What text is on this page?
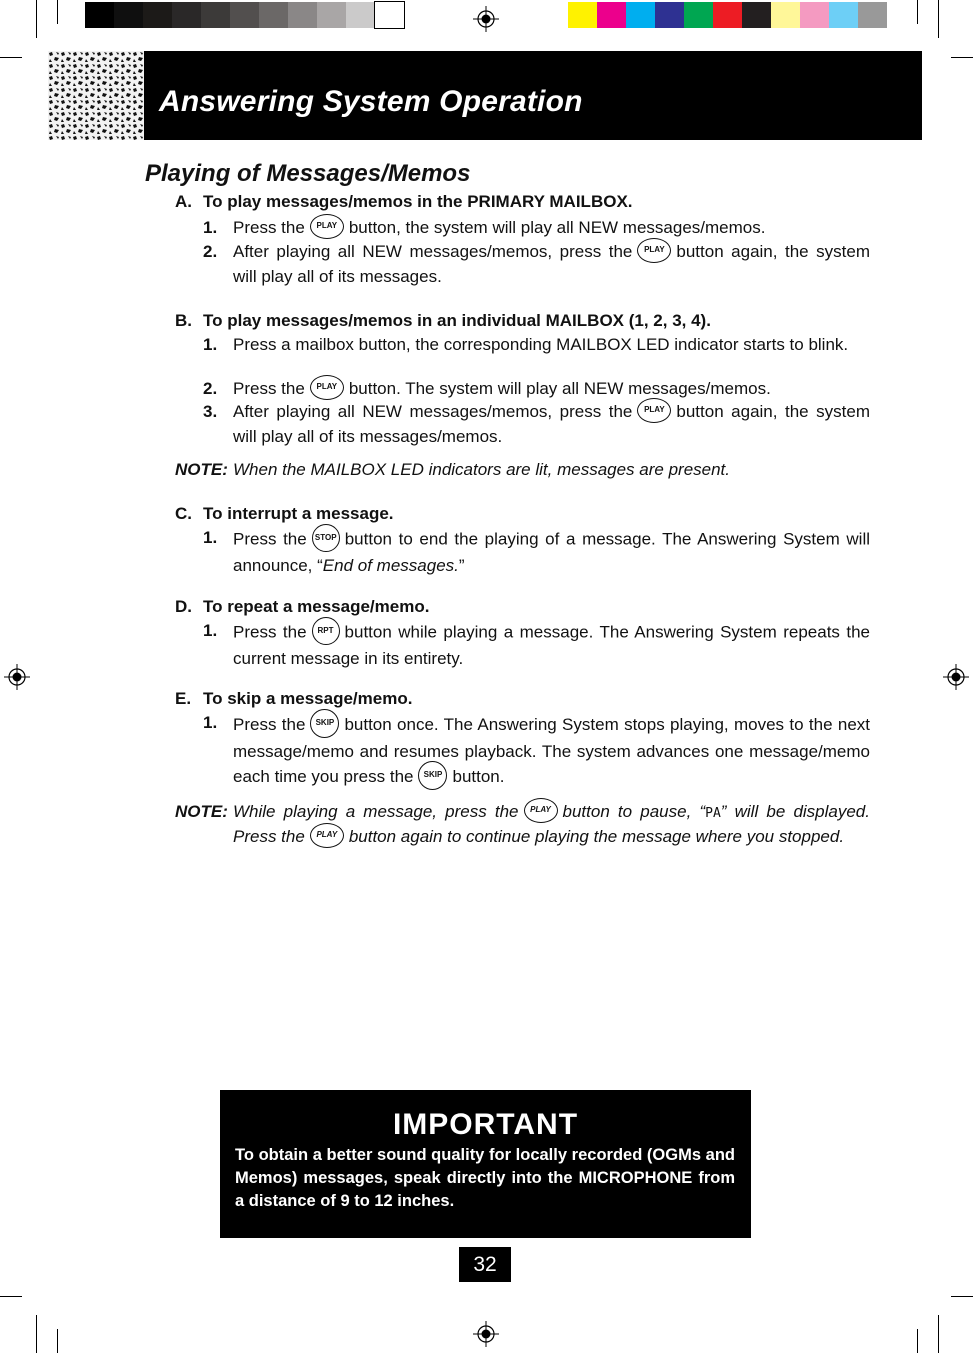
Answering System Operation
Playing of Messages/Memos
A. To play messages/memos in the PRIMARY MAILBOX.
1. Press the PLAY button, the system will play all NEW messages/memos.
2. After playing all NEW messages/memos, press the PLAY button again, the system will play all of its messages.
B. To play messages/memos in an individual MAILBOX (1, 2, 3, 4).
1. Press a mailbox button, the corresponding MAILBOX LED indicator starts to blink.
2. Press the PLAY button. The system will play all NEW messages/memos.
3. After playing all NEW messages/memos, press the PLAY button again, the system will play all of its messages/memos.
NOTE: When the MAILBOX LED indicators are lit, messages are present.
C. To interrupt a message.
1. Press the STOP button to end the playing of a message. The Answering System will announce, “End of messages.”
D. To repeat a message/memo.
1. Press the RPT button while playing a message. The Answering System repeats the current message in its entirety.
E. To skip a message/memo.
1. Press the SKIP button once. The Answering System stops playing, moves to the next message/memo and resumes playback. The system advances one message/memo each time you press the SKIP button.
NOTE: While playing a message, press the PLAY button to pause, “PA” will be displayed. Press the PLAY button again to continue playing the message where you stopped.
IMPORTANT
To obtain a better sound quality for locally recorded (OGMs and Memos) messages, speak directly into the MICROPHONE from a distance of 9 to 12 inches.
32
